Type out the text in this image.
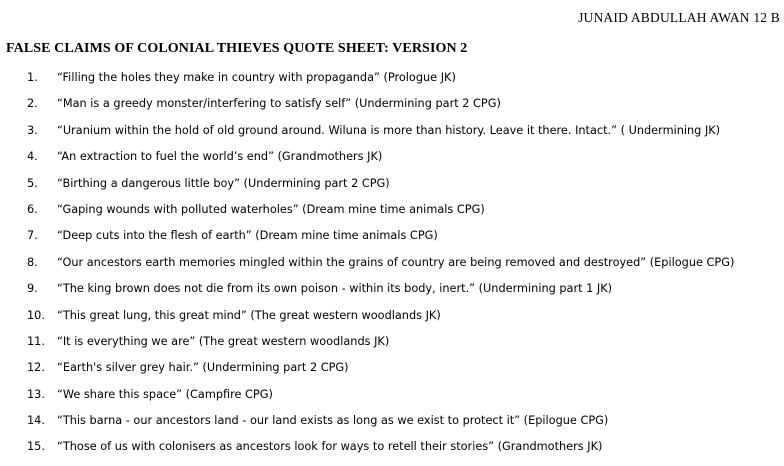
JUNAID ABDULLAH AWAN 12 B
FALSE CLAIMS OF COLONIAL THIEVES QUOTE SHEET: VERSION 2
1.	“Filling the holes they make in country with propaganda” (Prologue JK)
2.	“Man is a greedy monster/interfering to satisfy self” (Undermining part 2 CPG)
3.	“Uranium within the hold of old ground around. Wiluna is more than history. Leave it there. Intact.” ( Undermining JK)
4.	“An extraction to fuel the world’s end” (Grandmothers JK)
5.	“Birthing a dangerous little boy” (Undermining part 2 CPG)
6.	“Gaping wounds with polluted waterholes” (Dream mine time animals CPG)
7.	“Deep cuts into the flesh of earth” (Dream mine time animals CPG)
8.	“Our ancestors earth memories mingled within the grains of country are being removed and destroyed” (Epilogue CPG)
9.	“The king brown does not die from its own poison - within its body, inert.” (Undermining part 1 JK)
10. “This great lung, this great mind” (The great western woodlands JK)
11. “It is everything we are” (The great western woodlands JK)
12. “Earth's silver grey hair.” (Undermining part 2 CPG)
13. “We share this space” (Campfire CPG)
14. “This barna - our ancestors land - our land exists as long as we exist to protect it” (Epilogue CPG)
15. “Those of us with colonisers as ancestors look for ways to retell their stories” (Grandmothers JK)
